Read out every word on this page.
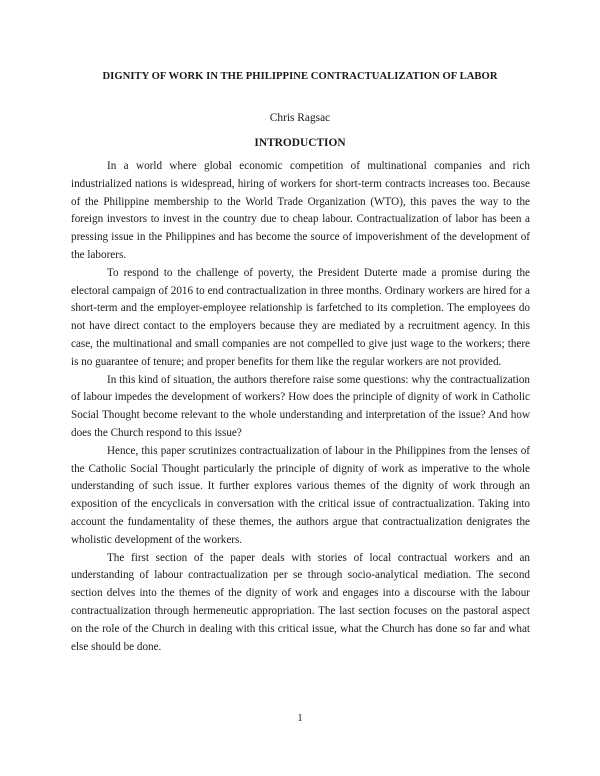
DIGNITY OF WORK IN THE PHILIPPINE CONTRACTUALIZATION OF LABOR
Chris Ragsac
INTRODUCTION

In a world where global economic competition of multinational companies and rich industrialized nations is widespread, hiring of workers for short-term contracts increases too. Because of the Philippine membership to the World Trade Organization (WTO), this paves the way to the foreign investors to invest in the country due to cheap labour. Contractualization of labor has been a pressing issue in the Philippines and has become the source of impoverishment of the development of the laborers.

To respond to the challenge of poverty, the President Duterte made a promise during the electoral campaign of 2016 to end contractualization in three months. Ordinary workers are hired for a short-term and the employer-employee relationship is farfetched to its completion. The employees do not have direct contact to the employers because they are mediated by a recruitment agency. In this case, the multinational and small companies are not compelled to give just wage to the workers; there is no guarantee of tenure; and proper benefits for them like the regular workers are not provided.

In this kind of situation, the authors therefore raise some questions: why the contractualization of labour impedes the development of workers? How does the principle of dignity of work in Catholic Social Thought become relevant to the whole understanding and interpretation of the issue? And how does the Church respond to this issue?

Hence, this paper scrutinizes contractualization of labour in the Philippines from the lenses of the Catholic Social Thought particularly the principle of dignity of work as imperative to the whole understanding of such issue. It further explores various themes of the dignity of work through an exposition of the encyclicals in conversation with the critical issue of contractualization. Taking into account the fundamentality of these themes, the authors argue that contractualization denigrates the wholistic development of the workers.

The first section of the paper deals with stories of local contractual workers and an understanding of labour contractualization per se through socio-analytical mediation. The second section delves into the themes of the dignity of work and engages into a discourse with the labour contractualization through hermeneutic appropriation. The last section focuses on the pastoral aspect on the role of the Church in dealing with this critical issue, what the Church has done so far and what else should be done.

1
